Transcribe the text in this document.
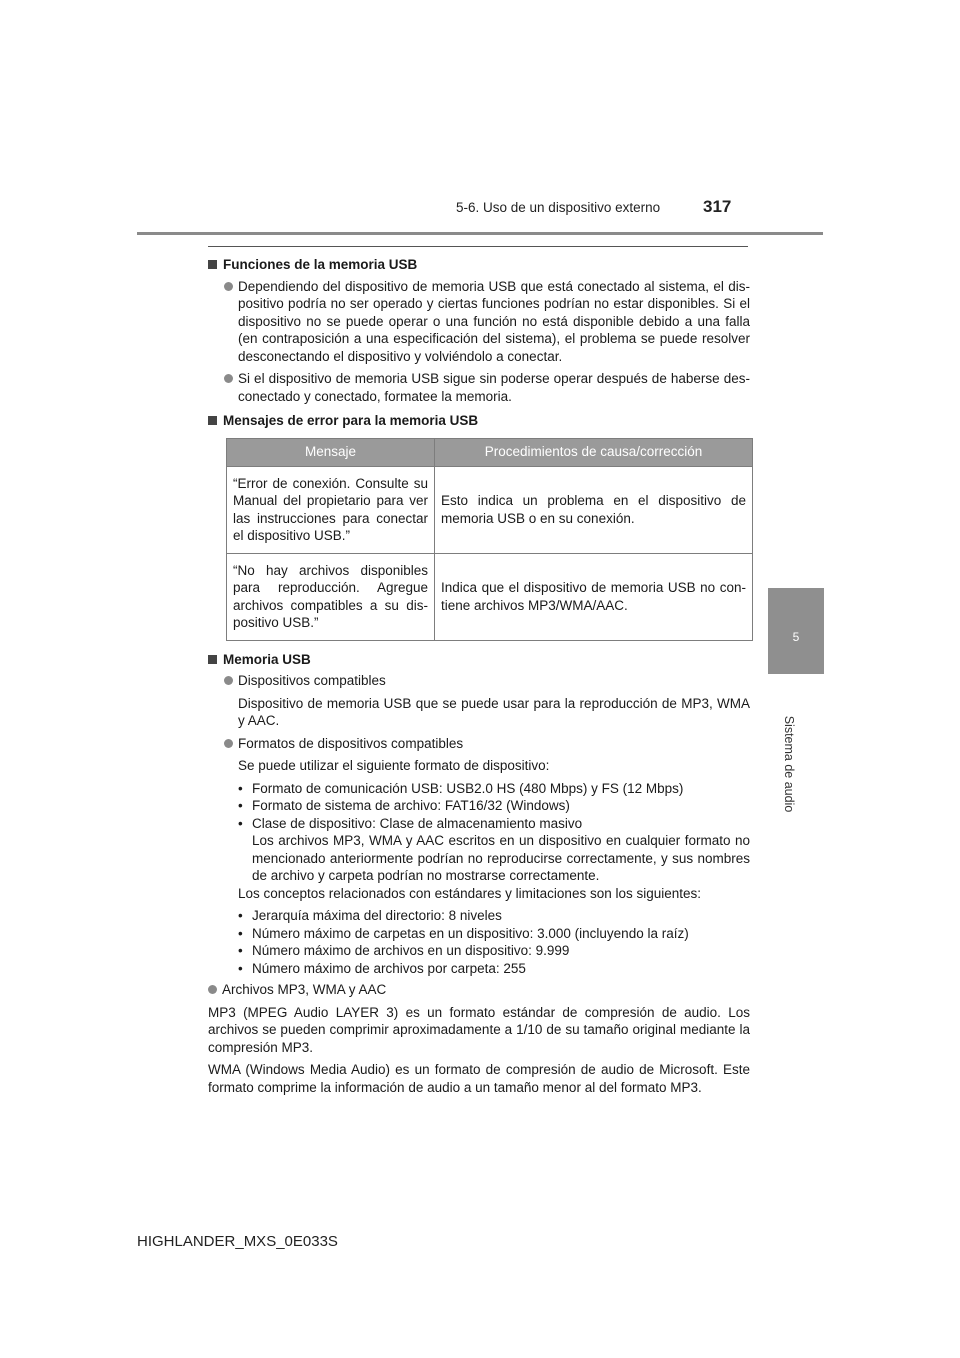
5-6. Uso de un dispositivo externo	317
5
Sistema de audio
Funciones de la memoria USB
Dependiendo del dispositivo de memoria USB que está conectado al sistema, el dispositivo podría no ser operado y ciertas funciones podrían no estar disponibles. Si el dispositivo no se puede operar o una función no está disponible debido a una falla (en contraposición a una especificación del sistema), el problema se puede resolver desconectando el dispositivo y volviéndolo a conectar.
Si el dispositivo de memoria USB sigue sin poderse operar después de haberse desconectado y conectado, formatee la memoria.
Mensajes de error para la memoria USB
Mensaje	Procedimientos de causa/corrección
“Error de conexión. Consulte su Manual del propietario para ver las instrucciones para conectar el dispositivo USB.”	Esto indica un problema en el dispositivo de memoria USB o en su conexión.
“No hay archivos disponibles para reproducción. Agregue archivos compatibles a su dispositivo USB.”	Indica que el dispositivo de memoria USB no contiene archivos MP3/WMA/AAC.
Memoria USB
Dispositivos compatibles
Dispositivo de memoria USB que se puede usar para la reproducción de MP3, WMA y AAC.
Formatos de dispositivos compatibles
Se puede utilizar el siguiente formato de dispositivo:
• Formato de comunicación USB: USB2.0 HS (480 Mbps) y FS (12 Mbps)
• Formato de sistema de archivo: FAT16/32 (Windows)
• Clase de dispositivo: Clase de almacenamiento masivo
Los archivos MP3, WMA y AAC escritos en un dispositivo en cualquier formato no mencionado anteriormente podrían no reproducirse correctamente, y sus nombres de archivo y carpeta podrían no mostrarse correctamente.
Los conceptos relacionados con estándares y limitaciones son los siguientes:
• Jerarquía máxima del directorio: 8 niveles
• Número máximo de carpetas en un dispositivo: 3.000 (incluyendo la raíz)
• Número máximo de archivos en un dispositivo: 9.999
• Número máximo de archivos por carpeta: 255
Archivos MP3, WMA y AAC
MP3 (MPEG Audio LAYER 3) es un formato estándar de compresión de audio. Los archivos se pueden comprimir aproximadamente a 1/10 de su tamaño original mediante la compresión MP3.
WMA (Windows Media Audio) es un formato de compresión de audio de Microsoft. Este formato comprime la información de audio a un tamaño menor al del formato MP3.
HIGHLANDER_MXS_0E033S
